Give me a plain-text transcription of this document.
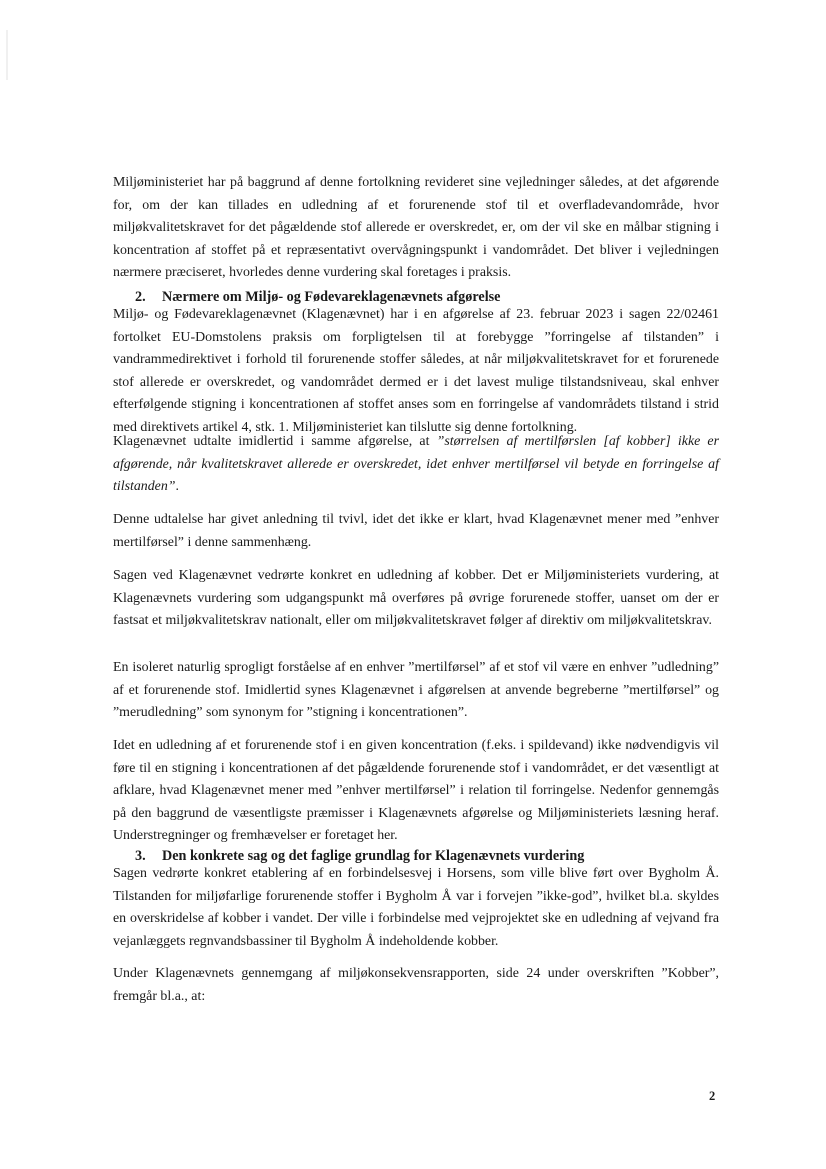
Miljøministeriet har på baggrund af denne fortolkning revideret sine vejledninger således, at det afgørende for, om der kan tillades en udledning af et forurenende stof til et overfladevandområde, hvor miljøkvalitetskravet for det pågældende stof allerede er overskredet, er, om der vil ske en målbar stigning i koncentration af stoffet på et repræsentativt overvågningspunkt i vandområdet. Det bliver i vejledningen nærmere præciseret, hvorledes denne vurdering skal foretages i praksis.

2. Nærmere om Miljø- og Fødevareklagenævnets afgørelse

Miljø- og Fødevareklagenævnet (Klagenævnet) har i en afgørelse af 23. februar 2023 i sagen 22/02461 fortolket EU-Domstolens praksis om forpligtelsen til at forebygge ”forringelse af tilstanden” i vandrammedirektivet i forhold til forurenende stoffer således, at når miljøkvalitetskravet for et forurenede stof allerede er overskredet, og vandområdet dermed er i det lavest mulige tilstandsniveau, skal enhver efterfølgende stigning i koncentrationen af stoffet anses som en forringelse af vandområdets tilstand i strid med direktivets artikel 4, stk. 1. Miljøministeriet kan tilslutte sig denne fortolkning.

Klagenævnet udtalte imidlertid i samme afgørelse, at ”størrelsen af mertilførslen [af kobber] ikke er afgørende, når kvalitetskravet allerede er overskredet, idet enhver mertilførsel vil betyde en forringelse af tilstanden”.

Denne udtalelse har givet anledning til tvivl, idet det ikke er klart, hvad Klagenævnet mener med ”enhver mertilførsel” i denne sammenhæng.

Sagen ved Klagenævnet vedrørte konkret en udledning af kobber. Det er Miljøministeriets vurdering, at Klagenævnets vurdering som udgangspunkt må overføres på øvrige forurenede stoffer, uanset om der er fastsat et miljøkvalitetskrav nationalt, eller om miljøkvalitetskravet følger af direktiv om miljøkvalitetskrav.

En isoleret naturlig sprogligt forståelse af en enhver ”mertilførsel” af et stof vil være en enhver ”udledning” af et forurenende stof. Imidlertid synes Klagenævnet i afgørelsen at anvende begreberne ”mertilførsel” og ”merudledning” som synonym for ”stigning i koncentrationen”.

Idet en udledning af et forurenende stof i en given koncentration (f.eks. i spildevand) ikke nødvendigvis vil føre til en stigning i koncentrationen af det pågældende forurenende stof i vandområdet, er det væsentligt at afklare, hvad Klagenævnet mener med ”enhver mertilførsel” i relation til forringelse. Nedenfor gennemgås på den baggrund de væsentligste præmisser i Klagenævnets afgørelse og Miljøministeriets læsning heraf. Understregninger og fremhævelser er foretaget her.

3. Den konkrete sag og det faglige grundlag for Klagenævnets vurdering

Sagen vedrørte konkret etablering af en forbindelsesvej i Horsens, som ville blive ført over Bygholm Å. Tilstanden for miljøfarlige forurenende stoffer i Bygholm Å var i forvejen ”ikke-god”, hvilket bl.a. skyldes en overskridelse af kobber i vandet. Der ville i forbindelse med vejprojektet ske en udledning af vejvand fra vejanlæggets regnvandsbassiner til Bygholm Å indeholdende kobber.

Under Klagenævnets gennemgang af miljøkonsekvensrapporten, side 24 under overskriften ”Kobber”, fremgår bl.a., at:

2
